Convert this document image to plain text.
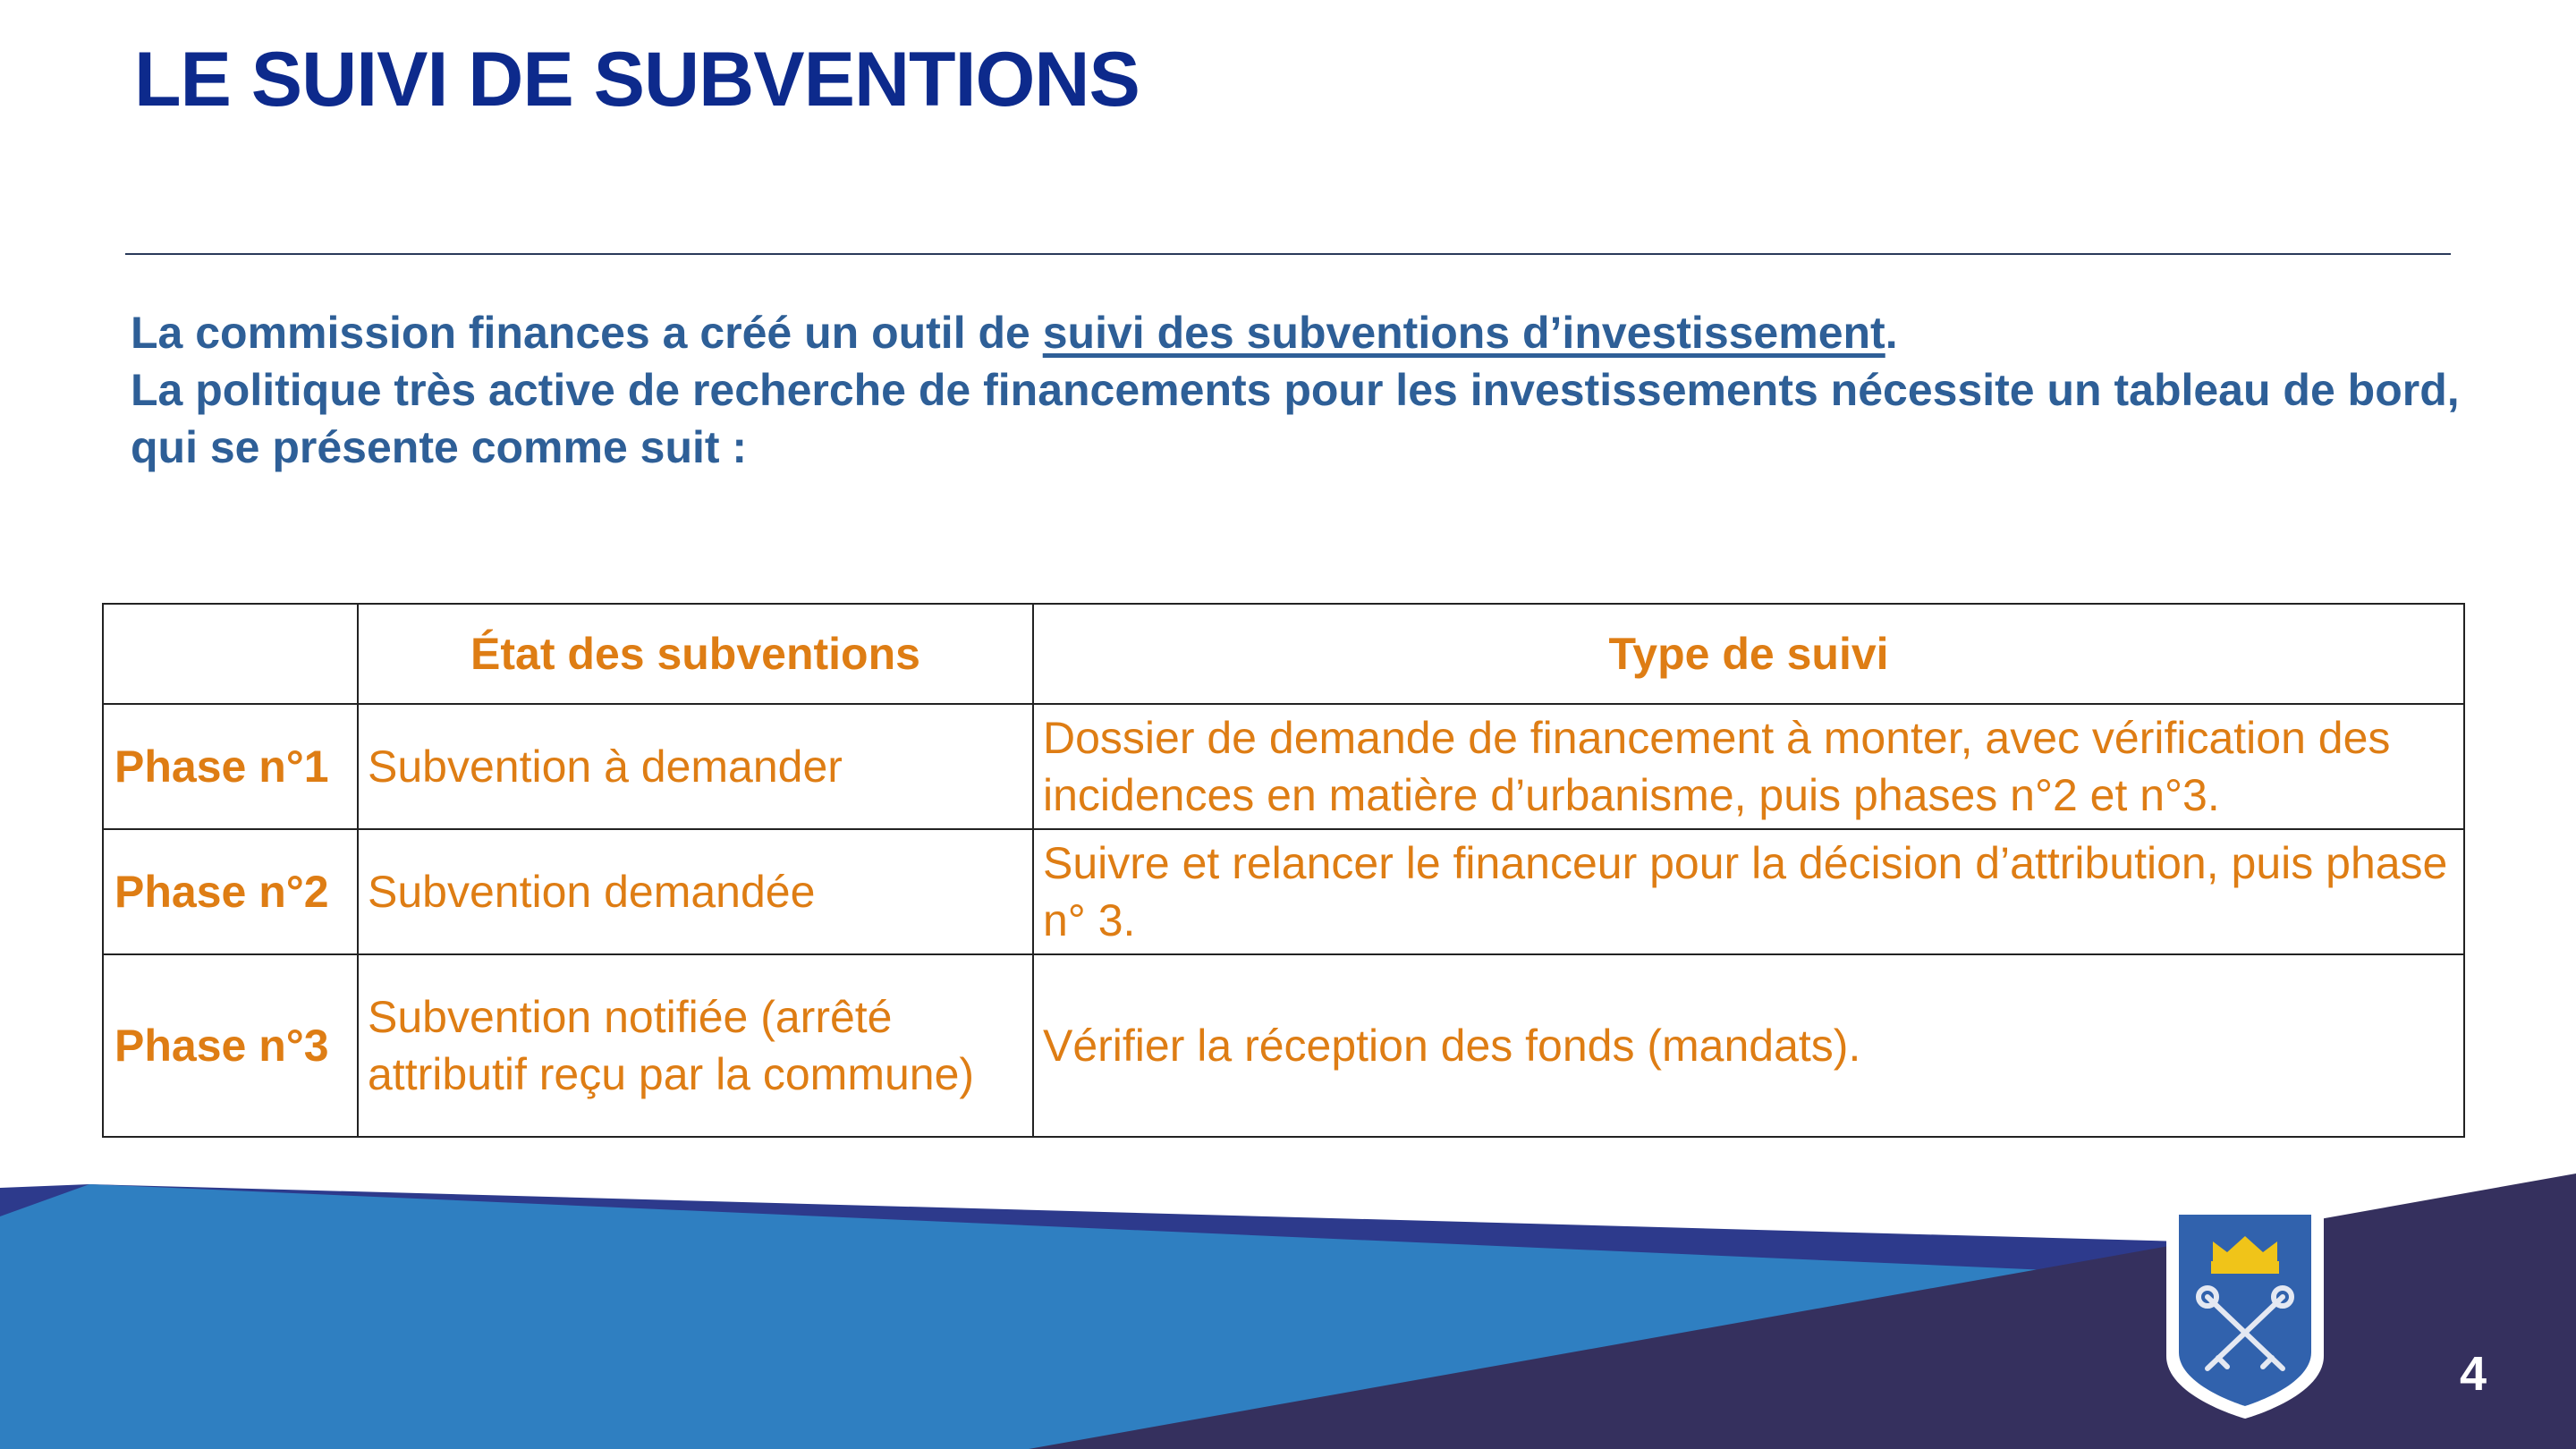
LE SUIVI DE SUBVENTIONS

La commission finances a créé un outil de suivi des subventions d’investissement.

La politique très active de recherche de financements pour les investissements nécessite un tableau de bord, qui se présente comme suit :

	État des subventions	Type de suivi
Phase n°1	Subvention à demander	Dossier de demande de financement à monter, avec vérification des incidences en matière d’urbanisme, puis phases n°2 et n°3.
Phase n°2	Subvention demandée	Suivre et relancer le financeur pour la décision d’attribution, puis phase n° 3.
Phase n°3	Subvention notifiée (arrêté attributif reçu par la commune)	Vérifier la réception des fonds (mandats).
4
